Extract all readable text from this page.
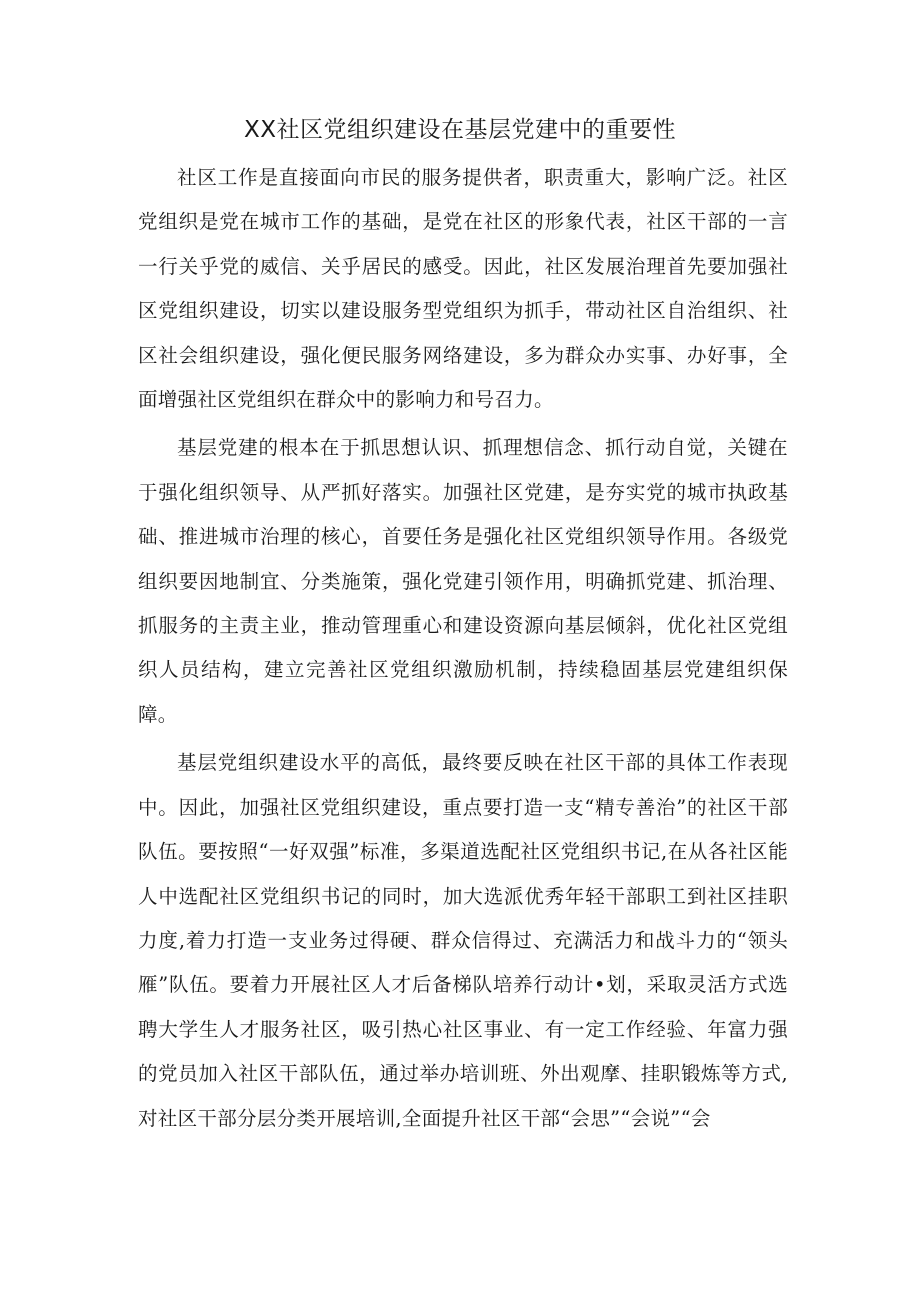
XX社区党组织建设在基层党建中的重要性

社区工作是直接面向市民的服务提供者，职责重大，影响广泛。社区党组织是党在城市工作的基础，是党在社区的形象代表，社区干部的一言一行关乎党的威信、关乎居民的感受。因此，社区发展治理首先要加强社区党组织建设，切实以建设服务型党组织为抓手，带动社区自治组织、社区社会组织建设，强化便民服务网络建设，多为群众办实事、办好事，全面增强社区党组织在群众中的影响力和号召力。

基层党建的根本在于抓思想认识、抓理想信念、抓行动自觉，关键在于强化组织领导、从严抓好落实。加强社区党建，是夯实党的城市执政基础、推进城市治理的核心，首要任务是强化社区党组织领导作用。各级党组织要因地制宜、分类施策，强化党建引领作用，明确抓党建、抓治理、抓服务的主责主业，推动管理重心和建设资源向基层倾斜，优化社区党组织人员结构，建立完善社区党组织激励机制，持续稳固基层党建组织保障。

基层党组织建设水平的高低，最终要反映在社区干部的具体工作表现中。因此，加强社区党组织建设，重点要打造一支“精专善治”的社区干部队伍。要按照“一好双强”标准，多渠道选配社区党组织书记,在从各社区能人中选配社区党组织书记的同时，加大选派优秀年轻干部职工到社区挂职力度,着力打造一支业务过得硬、群众信得过、充满活力和战斗力的“领头雁”队伍。要着力开展社区人才后备梯队培养行动计•划，采取灵活方式选聘大学生人才服务社区，吸引热心社区事业、有一定工作经验、年富力强的党员加入社区干部队伍，通过举办培训班、外出观摩、挂职锻炼等方式,对社区干部分层分类开展培训,全面提升社区干部“会思”“会说”“会
